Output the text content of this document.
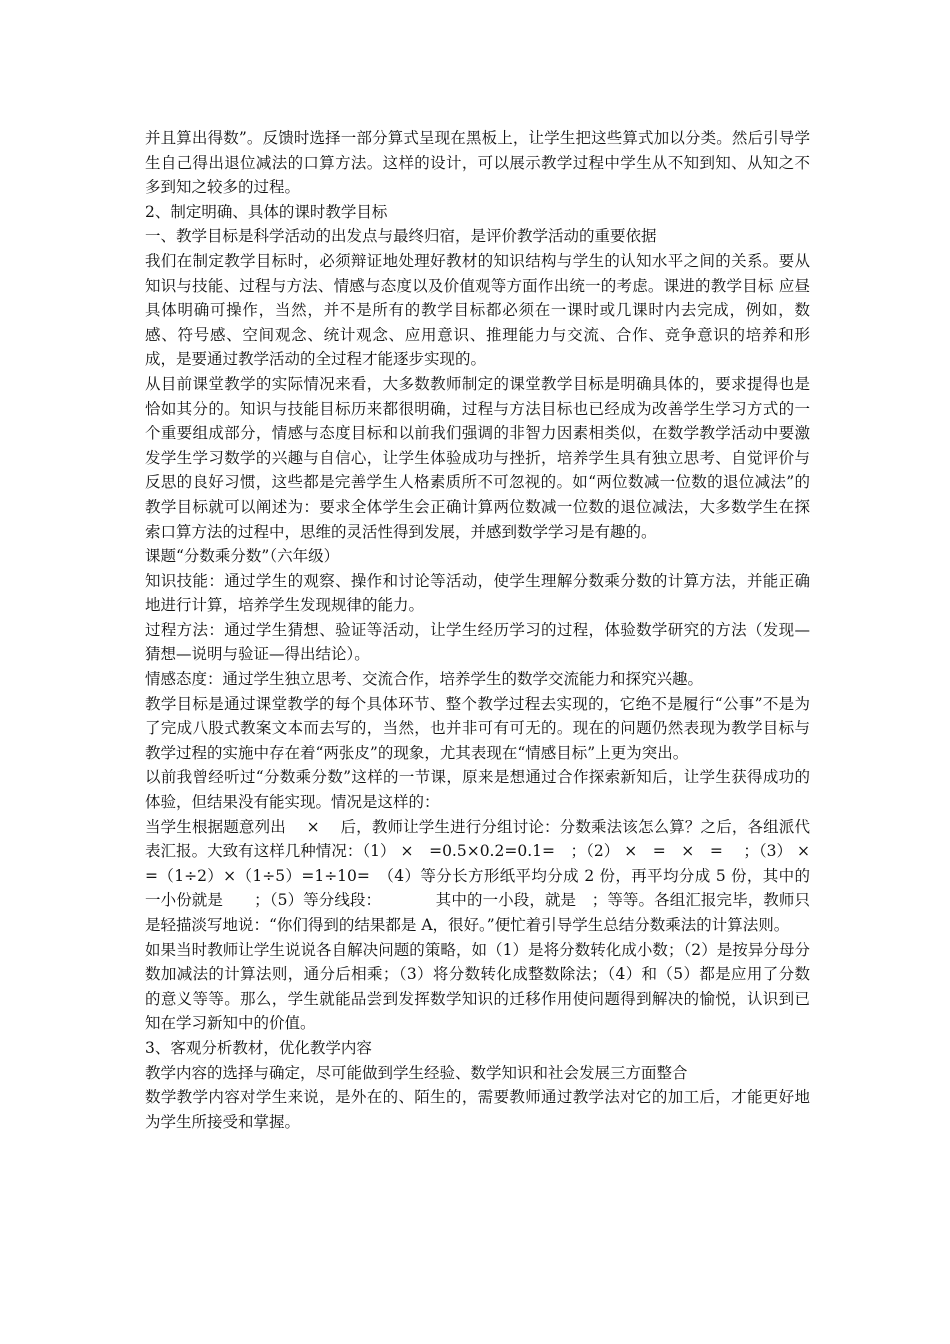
并且算出得数”。反馈时选择一部分算式呈现在黑板上，让学生把这些算式加以分类。然后引导学生自己得出退位减法的口算方法。这样的设计，可以展示教学过程中学生从不知到知、从知之不多到知之较多的过程。

2、制定明确、具体的课时教学目标

一、教学目标是科学活动的出发点与最终归宿，是评价教学活动的重要依据

我们在制定教学目标时，必须辩证地处理好教材的知识结构与学生的认知水平之间的关系。要从知识与技能、过程与方法、情感与态度以及价值观等方面作出统一的考虑。课进的教学目标 应昼具体明确可操作，当然，并不是所有的教学目标都必须在一课时或几课时内去完成，例如，数感、符号感、空间观念、统计观念、应用意识、推理能力与交流、合作、竞争意识的培养和形成，是要通过教学活动的全过程才能逐步实现的。

从目前课堂教学的实际情况来看，大多数教师制定的课堂教学目标是明确具体的，要求提得也是恰如其分的。知识与技能目标历来都很明确，过程与方法目标也已经成为改善学生学习方式的一个重要组成部分，情感与态度目标和以前我们强调的非智力因素相类似，在数学教学活动中要激发学生学习数学的兴趣与自信心，让学生体验成功与挫折，培养学生具有独立思考、自觉评价与反思的良好习惯，这些都是完善学生人格素质所不可忽视的。如“两位数减一位数的退位减法”的教学目标就可以阐述为：要求全体学生会正确计算两位数减一位数的退位减法，大多数学生在探索口算方法的过程中，思维的灵活性得到发展，并感到数学学习是有趣的。

课题“分数乘分数”（六年级）

知识技能：通过学生的观察、操作和讨论等活动，使学生理解分数乘分数的计算方法，并能正确地进行计算，培养学生发现规律的能力。

过程方法：通过学生猜想、验证等活动，让学生经历学习的过程，体验数学研究的方法（发现—猜想—说明与验证—得出结论）。

情感态度：通过学生独立思考、交流合作，培养学生的数学交流能力和探究兴趣。

教学目标是通过课堂教学的每个具体环节、整个教学过程去实现的，它绝不是履行“公事”不是为了完成八股式教案文本而去写的，当然，也并非可有可无的。现在的问题仍然表现为教学目标与教学过程的实施中存在着“两张皮”的现象，尤其表现在“情感目标”上更为突出。

以前我曾经听过“分数乘分数”这样的一节课，原来是想通过合作探索新知后，让学生获得成功的体验，但结果没有能实现。情况是这样的：

当学生根据题意列出　 ×　 后，教师让学生进行分组讨论：分数乘法该怎么算？之后，各组派代表汇报。大致有这样几种情况：（1） ×　=0.5×0.2=0.1=　；（2） ×　=　×　=　 ；（3） ×　=（1÷2）×（1÷5）=1÷10=　（4）等分长方形纸平均分成 2 份，再平均分成 5 份，其中的一小份就是　　；（5）等分线段：　　　　其中的一小段，就是　；等等。各组汇报完毕，教师只是轻描淡写地说：“你们得到的结果都是 A，很好。”便忙着引导学生总结分数乘法的计算法则。

如果当时教师让学生说说各自解决问题的策略，如（1）是将分数转化成小数；（2）是按异分母分数加减法的计算法则，通分后相乘；（3）将分数转化成整数除法；（4）和（5）都是应用了分数的意义等等。那么，学生就能品尝到发挥数学知识的迁移作用使问题得到解决的愉悦，认识到已知在学习新知中的价值。

3、客观分析教材，优化教学内容

教学内容的选择与确定，尽可能做到学生经验、数学知识和社会发展三方面整合

数学教学内容对学生来说，是外在的、陌生的，需要教师通过教学法对它的加工后，才能更好地为学生所接受和掌握。
